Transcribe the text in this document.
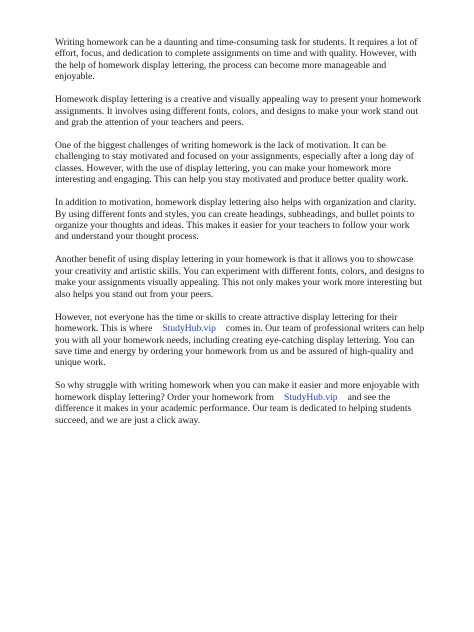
Writing homework can be a daunting and time-consuming task for students. It requires a lot of effort, focus, and dedication to complete assignments on time and with quality. However, with the help of homework display lettering, the process can become more manageable and enjoyable.

Homework display lettering is a creative and visually appealing way to present your homework assignments. It involves using different fonts, colors, and designs to make your work stand out and grab the attention of your teachers and peers.

One of the biggest challenges of writing homework is the lack of motivation. It can be challenging to stay motivated and focused on your assignments, especially after a long day of classes. However, with the use of display lettering, you can make your homework more interesting and engaging. This can help you stay motivated and produce better quality work.

In addition to motivation, homework display lettering also helps with organization and clarity. By using different fonts and styles, you can create headings, subheadings, and bullet points to organize your thoughts and ideas. This makes it easier for your teachers to follow your work and understand your thought process.

Another benefit of using display lettering in your homework is that it allows you to showcase your creativity and artistic skills. You can experiment with different fonts, colors, and designs to make your assignments visually appealing. This not only makes your work more interesting but also helps you stand out from your peers.

However, not everyone has the time or skills to create attractive display lettering for their homework. This is where StudyHub.vip comes in. Our team of professional writers can help you with all your homework needs, including creating eye-catching display lettering. You can save time and energy by ordering your homework from us and be assured of high-quality and unique work.

So why struggle with writing homework when you can make it easier and more enjoyable with homework display lettering? Order your homework from StudyHub.vip and see the difference it makes in your academic performance. Our team is dedicated to helping students succeed, and we are just a click away.
